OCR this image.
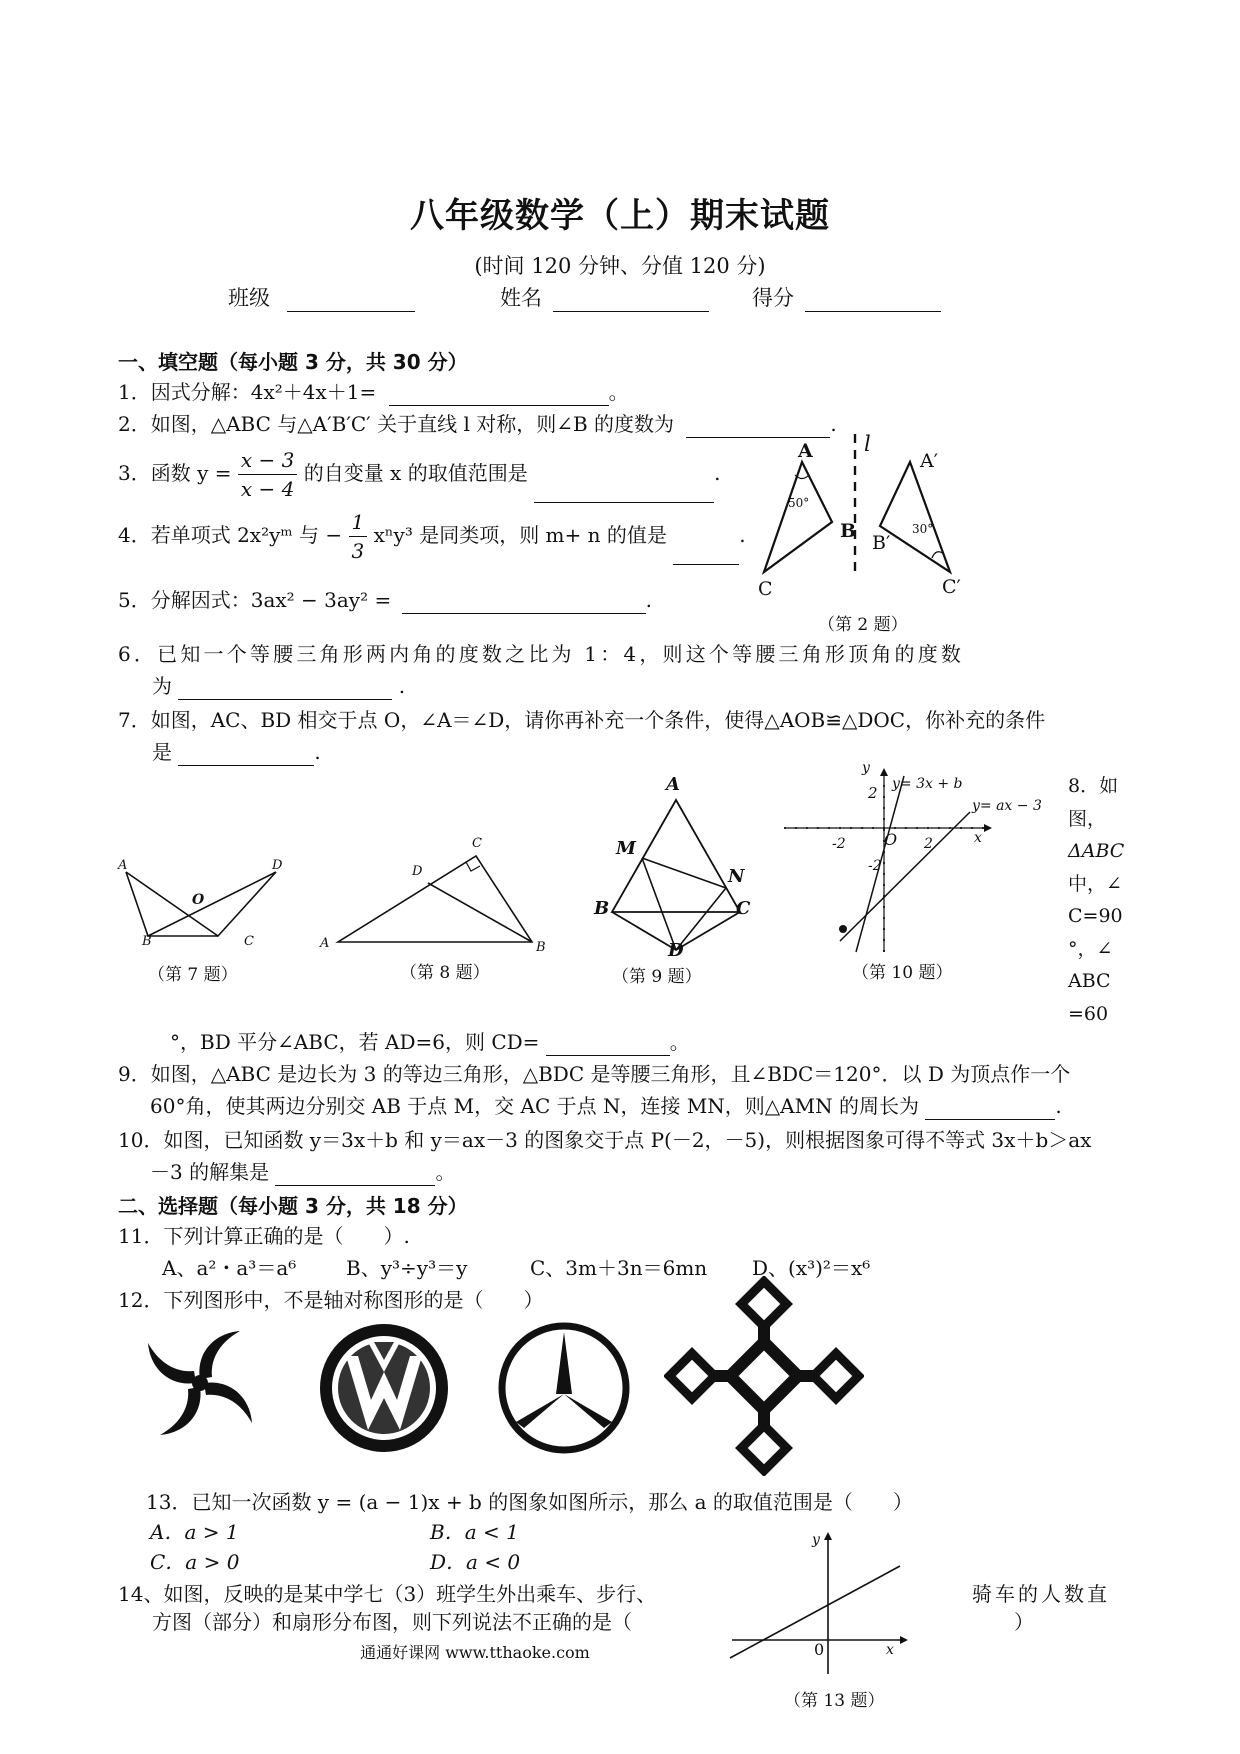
八年级数学（上）期末试题
(时间 120 分钟、分值 120 分)
班级	姓名	得分
一、填空题（每小题 3 分，共 30 分）
1．因式分解：4x²＋4x＋1=	。
2．如图，△ABC 与△A′B′C′ 关于直线 l 对称，则∠B 的度数为	.
3．函数 $y = \frac{x - 3}{x - 4}$ 的自变量 x 的取值范围是	.
4．若单项式 2x²yᵐ 与 − $\frac{1}{3} x^ny^3$ 是同类项，则 m+ n 的值是	.
5．分解因式：3ax² − 3ay² =	.
A
B
C
A′
B′
C′
l
50°
30°
（第 2 题）
6．已知一个等腰三角形两内角的度数之比为 1：4，则这个等腰三角形顶角的度数
为	.
7．如图，AC、BD 相交于点 O，∠A＝∠D，请你再补充一个条件，使得△AOB≌△DOC，你补充的条件
是	.
A	D
O
B	C
（第 7 题）
C
D
A	B
（第 8 题）
A
M
N
B	C
D
（第 9 题）
y
x
2
-2 O 2
-2
y= 3x + b
y= ax − 3
（第 10 题）
8．如
图，
ΔABC
中，∠
C=90
°，∠
ABC
=60
°，BD 平分∠ABC，若 AD=6，则 CD=	。
9．如图，△ABC 是边长为 3 的等边三角形，△BDC 是等腰三角形，且∠BDC＝120°．以 D 为顶点作一个
60°角，使其两边分别交 AB 于点 M，交 AC 于点 N，连接 MN，则△AMN 的周长为	.
10．如图，已知函数 y＝3x＋b 和 y＝ax－3 的图象交于点 P(－2，－5)，则根据图象可得不等式 3x＋b＞ax
－3 的解集是	。
二、选择题（每小题 3 分，共 18 分）
11．下列计算正确的是（　　）.
A、a²・a³＝a⁶ B、y³÷y³＝y	C、3m＋3n＝6mn D、(x³)²＝x⁶
12．下列图形中，不是轴对称图形的是（　　）
13．已知一次函数 y = (a − 1)x + b 的图象如图所示，那么 a 的取值范围是（　　）
A．a > 1	B．a < 1
C．a > 0	D．a < 0
14、如图，反映的是某中学七（3）班学生外出乘车、步行、	骑车的人数直
方图（部分）和扇形分布图，则下列说法不正确的是（	）
y
x
0
（第 13 题）
通通好课网 www.tthaoke.com
